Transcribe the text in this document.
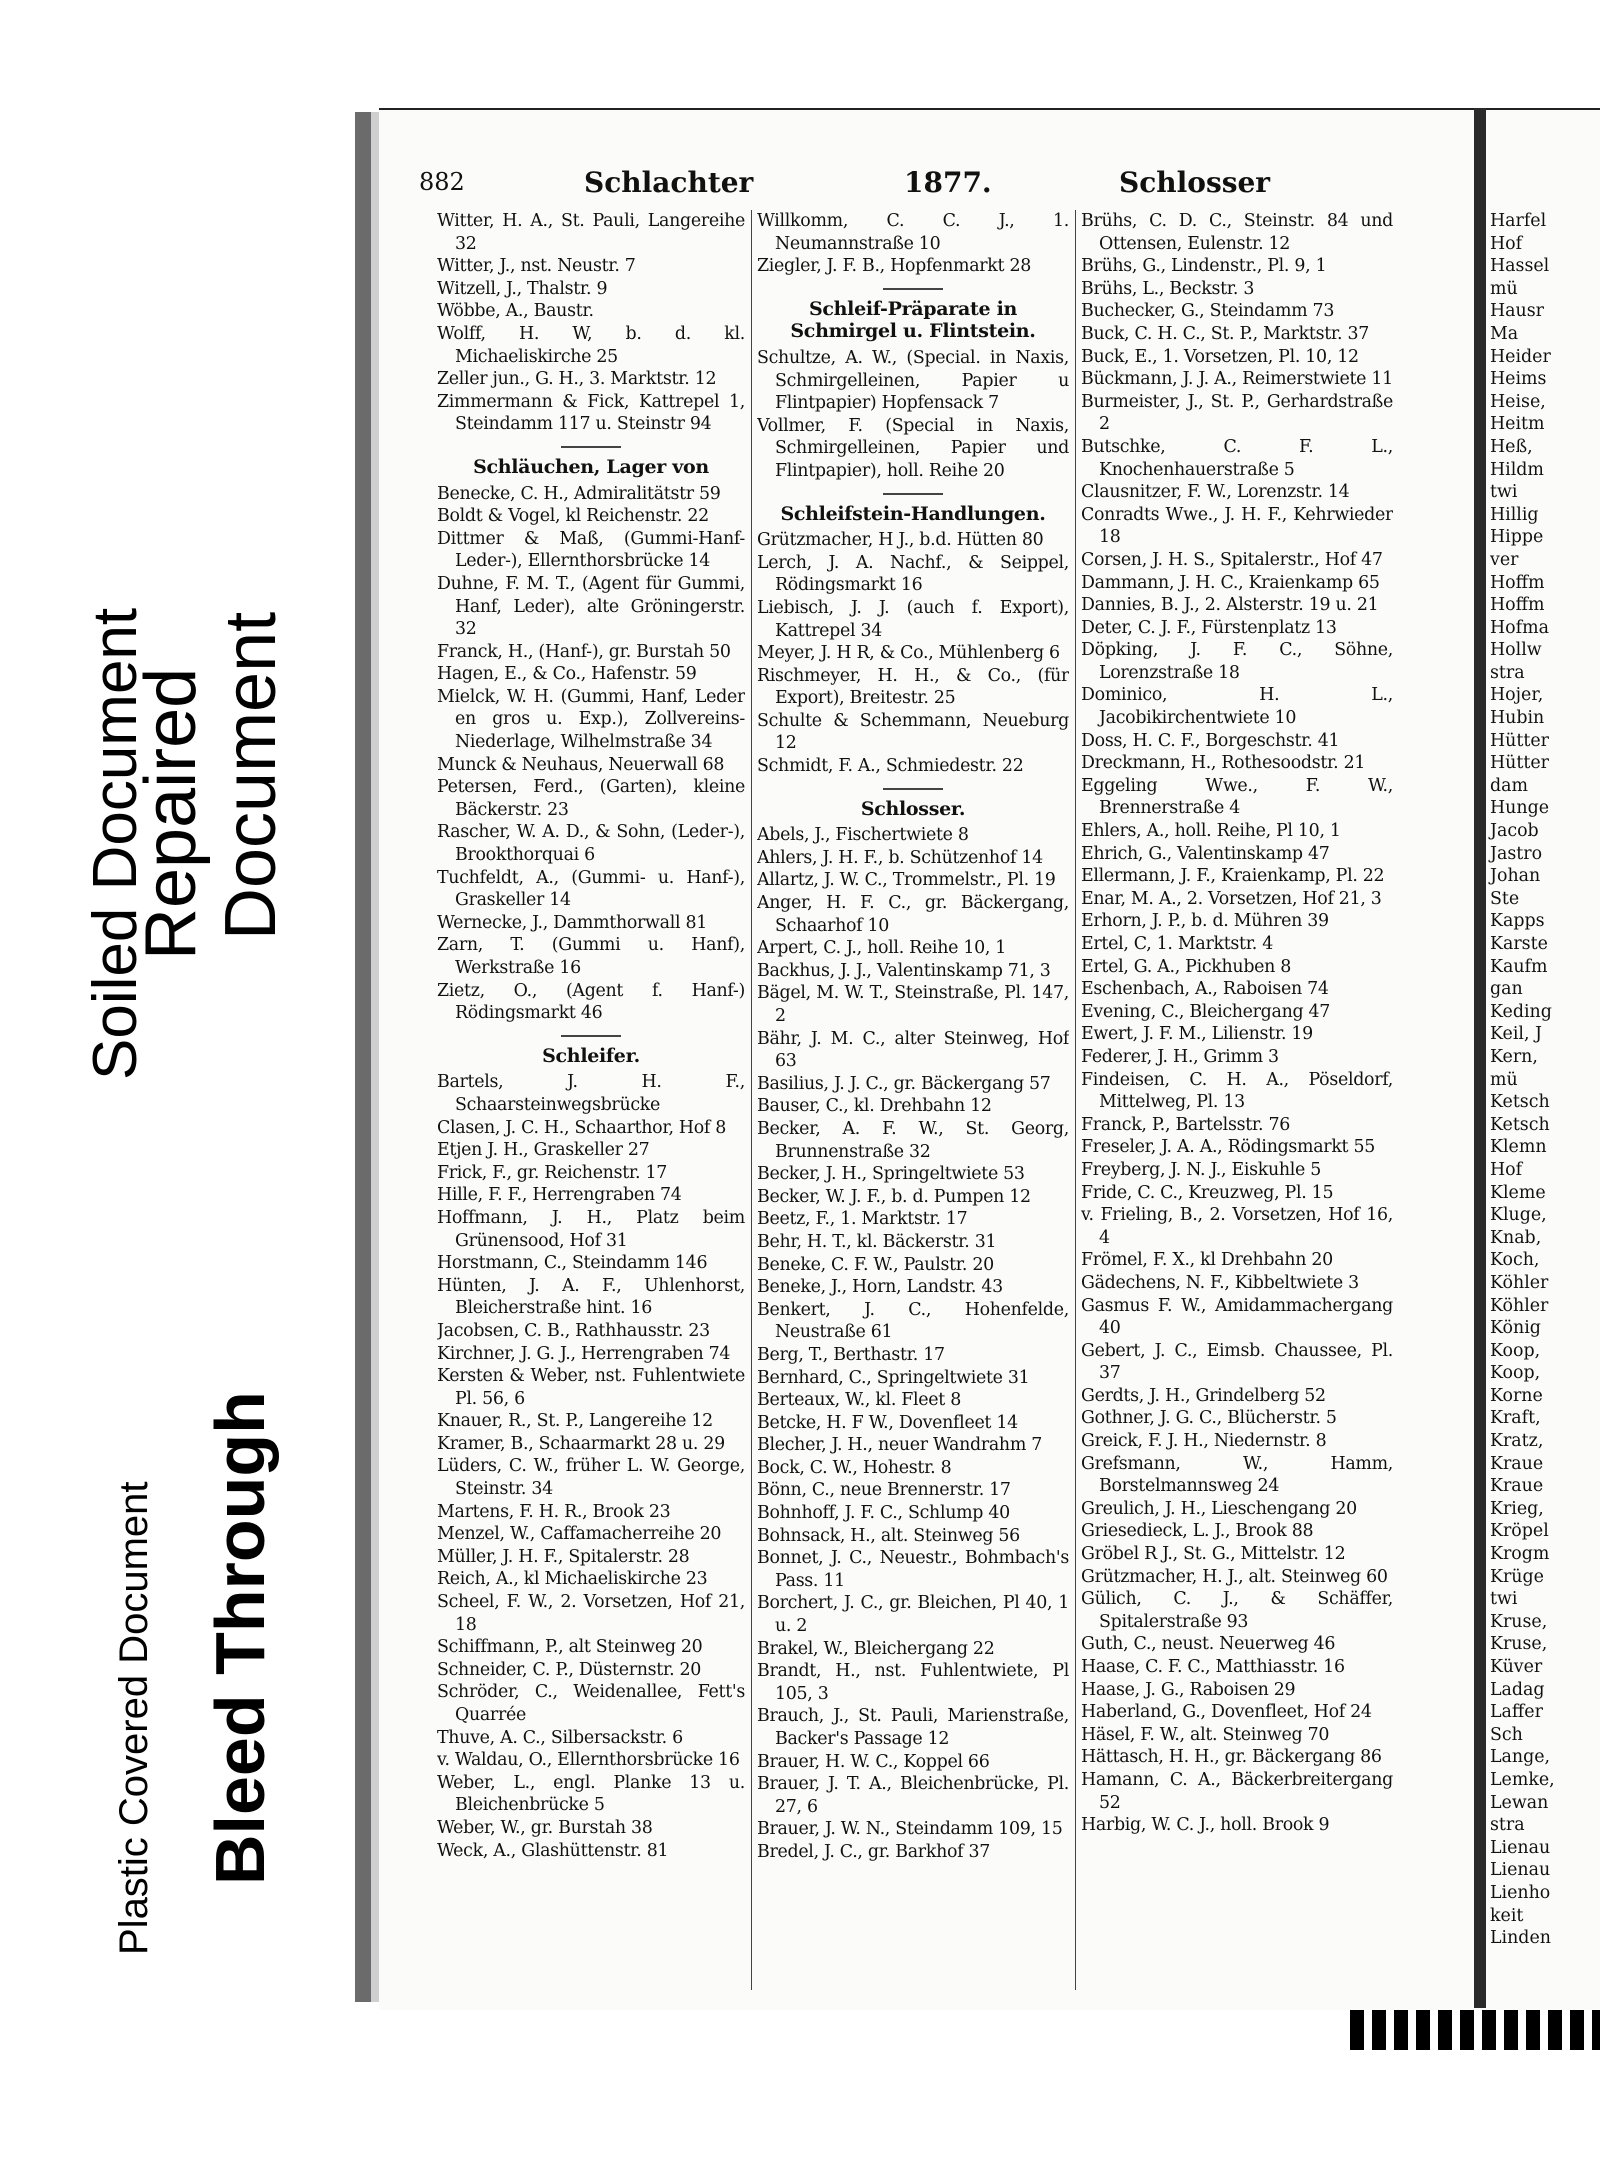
882	Schlachter	1877.	Schlosser

Witter, H. A., St. Pauli, Langereihe 32

Witter, J., nst. Neustr. 7

Witzell, J., Thalstr. 9

Wöbbe, A., Baustr.

Wolff, H. W, b. d. kl. Michaeliskirche 25

Zeller jun., G. H., 3. Marktstr. 12

Zimmermann & Fick, Kattrepel 1, Steindamm 117 u. Steinstr 94

Schläuchen, Lager von

Benecke, C. H., Admiralitätstr 59

Boldt & Vogel, kl Reichenstr. 22

Dittmer & Maß, (Gummi-Hanf-Leder-), Ellernthorsbrücke 14

Duhne, F. M. T., (Agent für Gummi, Hanf, Leder), alte Gröningerstr. 32

Franck, H., (Hanf-), gr. Burstah 50

Hagen, E., & Co., Hafenstr. 59

Mielck, W. H. (Gummi, Hanf, Leder en gros u. Exp.), Zollvereins-Niederlage, Wilhelmstraße 34

Munck & Neuhaus, Neuerwall 68

Petersen, Ferd., (Garten), kleine Bäckerstr. 23

Rascher, W. A. D., & Sohn, (Leder-), Brookthorquai 6

Tuchfeldt, A., (Gummi- u. Hanf-), Graskeller 14

Wernecke, J., Dammthorwall 81

Zarn, T. (Gummi u. Hanf), Werkstraße 16

Zietz, O., (Agent f. Hanf-) Rödingsmarkt 46

Schleifer.

Bartels, J. H. F., Schaarsteinwegsbrücke

Clasen, J. C. H., Schaarthor, Hof 8

Etjen J. H., Graskeller 27

Frick, F., gr. Reichenstr. 17

Hille, F. F., Herrengraben 74

Hoffmann, J. H., Platz beim Grünensood, Hof 31

Horstmann, C., Steindamm 146

Hünten, J. A. F., Uhlenhorst, Bleicherstraße hint. 16

Jacobsen, C. B., Rathhausstr. 23

Kirchner, J. G. J., Herrengraben 74

Kersten & Weber, nst. Fuhlentwiete Pl. 56, 6

Knauer, R., St. P., Langereihe 12

Kramer, B., Schaarmarkt 28 u. 29

Lüders, C. W., früher L. W. George, Steinstr. 34

Martens, F. H. R., Brook 23

Menzel, W., Caffamacherreihe 20

Müller, J. H. F., Spitalerstr. 28

Reich, A., kl Michaeliskirche 23

Scheel, F. W., 2. Vorsetzen, Hof 21, 18

Schiffmann, P., alt Steinweg 20

Schneider, C. P., Düsternstr. 20

Schröder, C., Weidenallee, Fett's Quarrée

Thuve, A. C., Silbersackstr. 6

v. Waldau, O., Ellernthorsbrücke 16

Weber, L., engl. Planke 13 u. Bleichenbrücke 5

Weber, W., gr. Burstah 38

Weck, A., Glashüttenstr. 81

Willkomm, C. C. J., 1. Neumannstraße 10

Ziegler, J. F. B., Hopfenmarkt 28

Schleif-Präparate in Schmirgel u. Flintstein.

Schultze, A. W., (Special. in Naxis, Schmirgelleinen, Papier u Flintpapier) Hopfensack 7

Vollmer, F. (Special in Naxis, Schmirgelleinen, Papier und Flintpapier), holl. Reihe 20

Schleifstein-Handlungen.

Grützmacher, H J., b.d. Hütten 80

Lerch, J. A. Nachf., & Seippel, Rödingsmarkt 16

Liebisch, J. J. (auch f. Export), Kattrepel 34

Meyer, J. H R, & Co., Mühlenberg 6

Rischmeyer, H. H., & Co., (für Export), Breitestr. 25

Schulte & Schemmann, Neueburg 12

Schmidt, F. A., Schmiedestr. 22

Schlosser.

Abels, J., Fischertwiete 8

Ahlers, J. H. F., b. Schützenhof 14

Allartz, J. W. C., Trommelstr., Pl. 19

Anger, H. F. C., gr. Bäckergang, Schaarhof 10

Arpert, C. J., holl. Reihe 10, 1

Backhus, J. J., Valentinskamp 71, 3

Bägel, M. W. T., Steinstraße, Pl. 147, 2

Bähr, J. M. C., alter Steinweg, Hof 63

Basilius, J. J. C., gr. Bäckergang 57

Bauser, C., kl. Drehbahn 12

Becker, A. F. W., St. Georg, Brunnenstraße 32

Becker, J. H., Springeltwiete 53

Becker, W. J. F., b. d. Pumpen 12

Beetz, F., 1. Marktstr. 17

Behr, H. T., kl. Bäckerstr. 31

Beneke, C. F. W., Paulstr. 20

Beneke, J., Horn, Landstr. 43

Benkert, J. C., Hohenfelde, Neustraße 61

Berg, T., Berthastr. 17

Bernhard, C., Springeltwiete 31

Berteaux, W., kl. Fleet 8

Betcke, H. F W., Dovenfleet 14

Blecher, J. H., neuer Wandrahm 7

Bock, C. W., Hohestr. 8

Bönn, C., neue Brennerstr. 17

Bohnhoff, J. F. C., Schlump 40

Bohnsack, H., alt. Steinweg 56

Bonnet, J. C., Neuestr., Bohmbach's Pass. 11

Borchert, J. C., gr. Bleichen, Pl 40, 1 u. 2

Brakel, W., Bleichergang 22

Brandt, H., nst. Fuhlentwiete, Pl 105, 3

Brauch, J., St. Pauli, Marienstraße, Backer's Passage 12

Brauer, H. W. C., Koppel 66

Brauer, J. T. A., Bleichenbrücke, Pl. 27, 6

Brauer, J. W. N., Steindamm 109, 15

Bredel, J. C., gr. Barkhof 37

Brühs, C. D. C., Steinstr. 84 und Ottensen, Eulenstr. 12

Brühs, G., Lindenstr., Pl. 9, 1

Brühs, L., Beckstr. 3

Buchecker, G., Steindamm 73

Buck, C. H. C., St. P., Marktstr. 37

Buck, E., 1. Vorsetzen, Pl. 10, 12

Bückmann, J. J. A., Reimerstwiete 11

Burmeister, J., St. P., Gerhardstraße 2

Butschke, C. F. L., Knochenhauerstraße 5

Clausnitzer, F. W., Lorenzstr. 14

Conradts Wwe., J. H. F., Kehrwieder 18

Corsen, J. H. S., Spitalerstr., Hof 47

Dammann, J. H. C., Kraienkamp 65

Dannies, B. J., 2. Alsterstr. 19 u. 21

Deter, C. J. F., Fürstenplatz 13

Döpking, J. F. C., Söhne, Lorenzstraße 18

Dominico, H. L., Jacobikirchentwiete 10

Doss, H. C. F., Borgeschstr. 41

Dreckmann, H., Rothesoodstr. 21

Eggeling Wwe., F. W., Brennerstraße 4

Ehlers, A., holl. Reihe, Pl 10, 1

Ehrich, G., Valentinskamp 47

Ellermann, J. F., Kraienkamp, Pl. 22

Enar, M. A., 2. Vorsetzen, Hof 21, 3

Erhorn, J. P., b. d. Mühren 39

Ertel, C, 1. Marktstr. 4

Ertel, G. A., Pickhuben 8

Eschenbach, A., Raboisen 74

Evening, C., Bleichergang 47

Ewert, J. F. M., Lilienstr. 19

Federer, J. H., Grimm 3

Findeisen, C. H. A., Pöseldorf, Mittelweg, Pl. 13

Franck, P., Bartelsstr. 76

Freseler, J. A. A., Rödingsmarkt 55

Freyberg, J. N. J., Eiskuhle 5

Fride, C. C., Kreuzweg, Pl. 15

v. Frieling, B., 2. Vorsetzen, Hof 16, 4

Frömel, F. X., kl Drehbahn 20

Gädechens, N. F., Kibbeltwiete 3

Gasmus F. W., Amidammachergang 40

Gebert, J. C., Eimsb. Chaussee, Pl. 37

Gerdts, J. H., Grindelberg 52

Gothner, J. G. C., Blücherstr. 5

Greick, F. J. H., Niedernstr. 8

Grefsmann, W., Hamm, Borstelmannsweg 24

Greulich, J. H., Lieschengang 20

Griesedieck, L. J., Brook 88

Gröbel R J., St. G., Mittelstr. 12

Grützmacher, H. J., alt. Steinweg 60

Gülich, C. J., & Schäffer, Spitalerstraße 93

Guth, C., neust. Neuerweg 46

Haase, C. F. C., Matthiasstr. 16

Haase, J. G., Raboisen 29

Haberland, G., Dovenfleet, Hof 24

Häsel, F. W., alt. Steinweg 70

Hättasch, H. H., gr. Bäckergang 86

Hamann, C. A., Bäckerbreitergang 52

Harbig, W. C. J., holl. Brook 9

Harfel
Hof
Hassel
mü
Hausr
Ma
Heider
Heims
Heise,
Heitm
Heß,
Hildm
twi
Hillig
Hippe
ver
Hoffm
Hoffm
Hofma
Hollw
stra
Hojer,
Hubin
Hütter
Hütter
dam
Hunge
Jacob
Jastro
Johan
Ste
Kapps
Karste
Kaufm
gan
Keding
Keil, J
Kern,
mü
Ketsch
Ketsch
Klemn
Hof
Kleme
Kluge,
Knab,
Koch,
Köhler
Köhler
König
Koop,
Koop,
Korne
Kraft,
Kratz,
Kraue
Kraue
Krieg,
Kröpel
Krogm
Krüge
twi
Kruse,
Kruse,
Küver
Ladag
Laffer
Sch
Lange,
Lemke,
Lewan
stra
Lienau
Lienau
Lienho
keit
Linden
Soiled Document
Repaired Document
Plastic Covered Document Bleed Through
